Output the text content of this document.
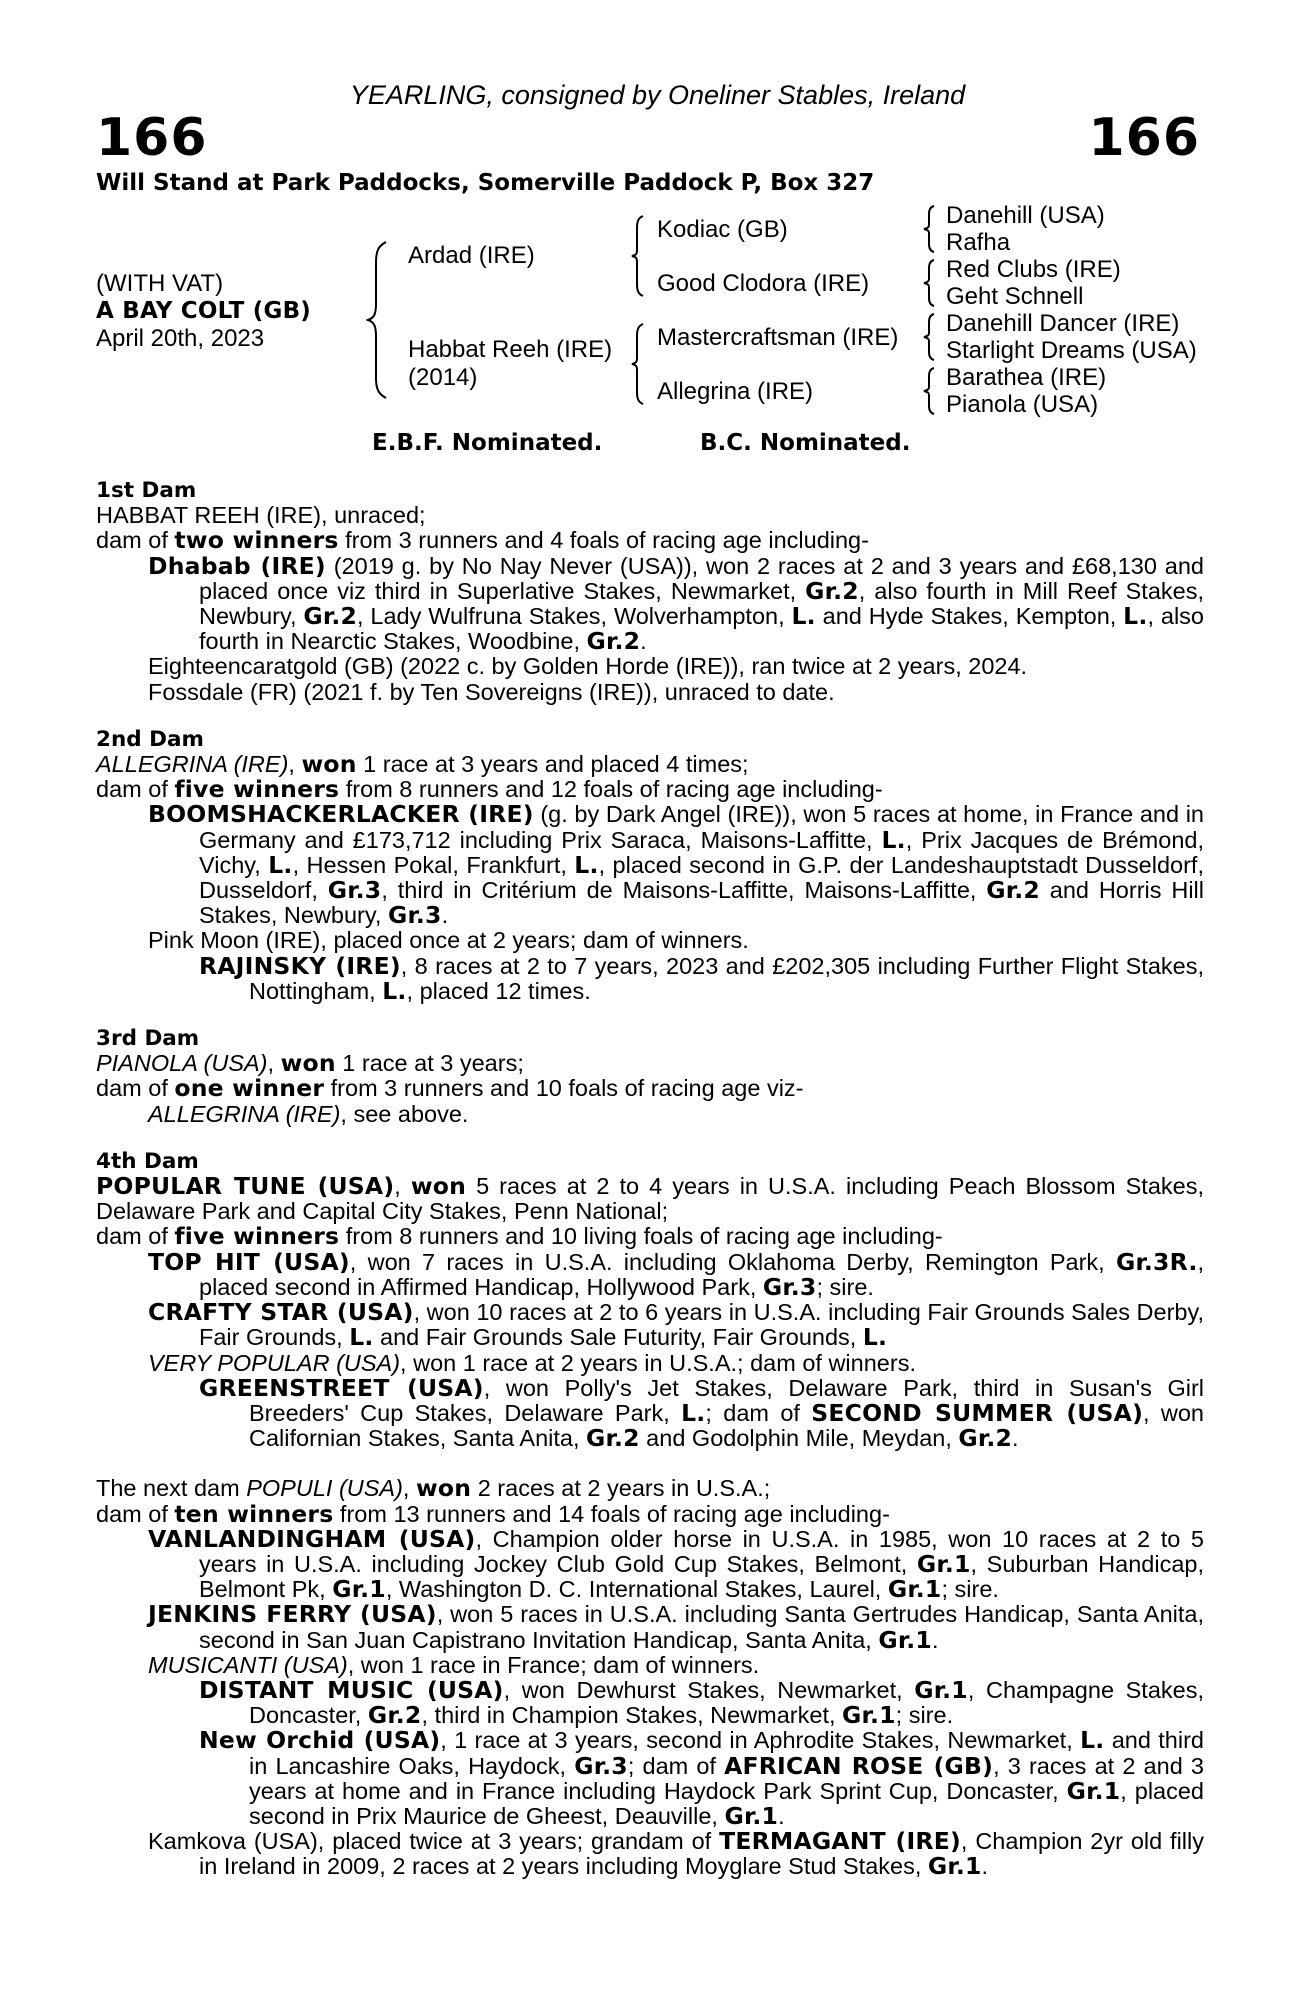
YEARLING, consigned by Oneliner Stables, Ireland
166	166
Will Stand at Park Paddocks, Somerville Paddock P, Box 327
(WITH VAT)
A BAY COLT (GB)
April 20th, 2023
Ardad (IRE)
Habbat Reeh (IRE)
(2014)
Kodiac (GB)
Good Clodora (IRE)
Mastercraftsman (IRE)
Allegrina (IRE)
Danehill (USA)
Rafha
Red Clubs (IRE)
Geht Schnell
Danehill Dancer (IRE)
Starlight Dreams (USA)
Barathea (IRE)
Pianola (USA)
E.B.F. Nominated.	B.C. Nominated.
1st Dam

HABBAT REEH (IRE), unraced;

dam of two winners from 3 runners and 4 foals of racing age including-

Dhabab (IRE) (2019 g. by No Nay Never (USA)), won 2 races at 2 and 3 years and £68,130 and placed once viz third in Superlative Stakes, Newmarket, Gr.2, also fourth in Mill Reef Stakes, Newbury, Gr.2, Lady Wulfruna Stakes, Wolverhampton, L. and Hyde Stakes, Kempton, L., also fourth in Nearctic Stakes, Woodbine, Gr.2.

Eighteencaratgold (GB) (2022 c. by Golden Horde (IRE)), ran twice at 2 years, 2024.

Fossdale (FR) (2021 f. by Ten Sovereigns (IRE)), unraced to date.

2nd Dam

ALLEGRINA (IRE), won 1 race at 3 years and placed 4 times;

dam of five winners from 8 runners and 12 foals of racing age including-

BOOMSHACKERLACKER (IRE) (g. by Dark Angel (IRE)), won 5 races at home, in France and in Germany and £173,712 including Prix Saraca, Maisons-Laffitte, L., Prix Jacques de Brémond, Vichy, L., Hessen Pokal, Frankfurt, L., placed second in G.P. der Landeshauptstadt Dusseldorf, Dusseldorf, Gr.3, third in Critérium de Maisons-Laffitte, Maisons-Laffitte, Gr.2 and Horris Hill Stakes, Newbury, Gr.3.

Pink Moon (IRE), placed once at 2 years; dam of winners.

RAJINSKY (IRE), 8 races at 2 to 7 years, 2023 and £202,305 including Further Flight Stakes, Nottingham, L., placed 12 times.

3rd Dam

PIANOLA (USA), won 1 race at 3 years;

dam of one winner from 3 runners and 10 foals of racing age viz-

ALLEGRINA (IRE), see above.

4th Dam

POPULAR TUNE (USA), won 5 races at 2 to 4 years in U.S.A. including Peach Blossom Stakes, Delaware Park and Capital City Stakes, Penn National;

dam of five winners from 8 runners and 10 living foals of racing age including-

TOP HIT (USA), won 7 races in U.S.A. including Oklahoma Derby, Remington Park, Gr.3R., placed second in Affirmed Handicap, Hollywood Park, Gr.3; sire.

CRAFTY STAR (USA), won 10 races at 2 to 6 years in U.S.A. including Fair Grounds Sales Derby, Fair Grounds, L. and Fair Grounds Sale Futurity, Fair Grounds, L.

VERY POPULAR (USA), won 1 race at 2 years in U.S.A.; dam of winners.

GREENSTREET (USA), won Polly's Jet Stakes, Delaware Park, third in Susan's Girl Breeders' Cup Stakes, Delaware Park, L.; dam of SECOND SUMMER (USA), won Californian Stakes, Santa Anita, Gr.2 and Godolphin Mile, Meydan, Gr.2.

The next dam POPULI (USA), won 2 races at 2 years in U.S.A.;

dam of ten winners from 13 runners and 14 foals of racing age including-

VANLANDINGHAM (USA), Champion older horse in U.S.A. in 1985, won 10 races at 2 to 5 years in U.S.A. including Jockey Club Gold Cup Stakes, Belmont, Gr.1, Suburban Handicap, Belmont Pk, Gr.1, Washington D. C. International Stakes, Laurel, Gr.1; sire.

JENKINS FERRY (USA), won 5 races in U.S.A. including Santa Gertrudes Handicap, Santa Anita, second in San Juan Capistrano Invitation Handicap, Santa Anita, Gr.1.

MUSICANTI (USA), won 1 race in France; dam of winners.

DISTANT MUSIC (USA), won Dewhurst Stakes, Newmarket, Gr.1, Champagne Stakes, Doncaster, Gr.2, third in Champion Stakes, Newmarket, Gr.1; sire.

New Orchid (USA), 1 race at 3 years, second in Aphrodite Stakes, Newmarket, L. and third in Lancashire Oaks, Haydock, Gr.3; dam of AFRICAN ROSE (GB), 3 races at 2 and 3 years at home and in France including Haydock Park Sprint Cup, Doncaster, Gr.1, placed second in Prix Maurice de Gheest, Deauville, Gr.1.

Kamkova (USA), placed twice at 3 years; grandam of TERMAGANT (IRE), Champion 2yr old filly in Ireland in 2009, 2 races at 2 years including Moyglare Stud Stakes, Gr.1.
